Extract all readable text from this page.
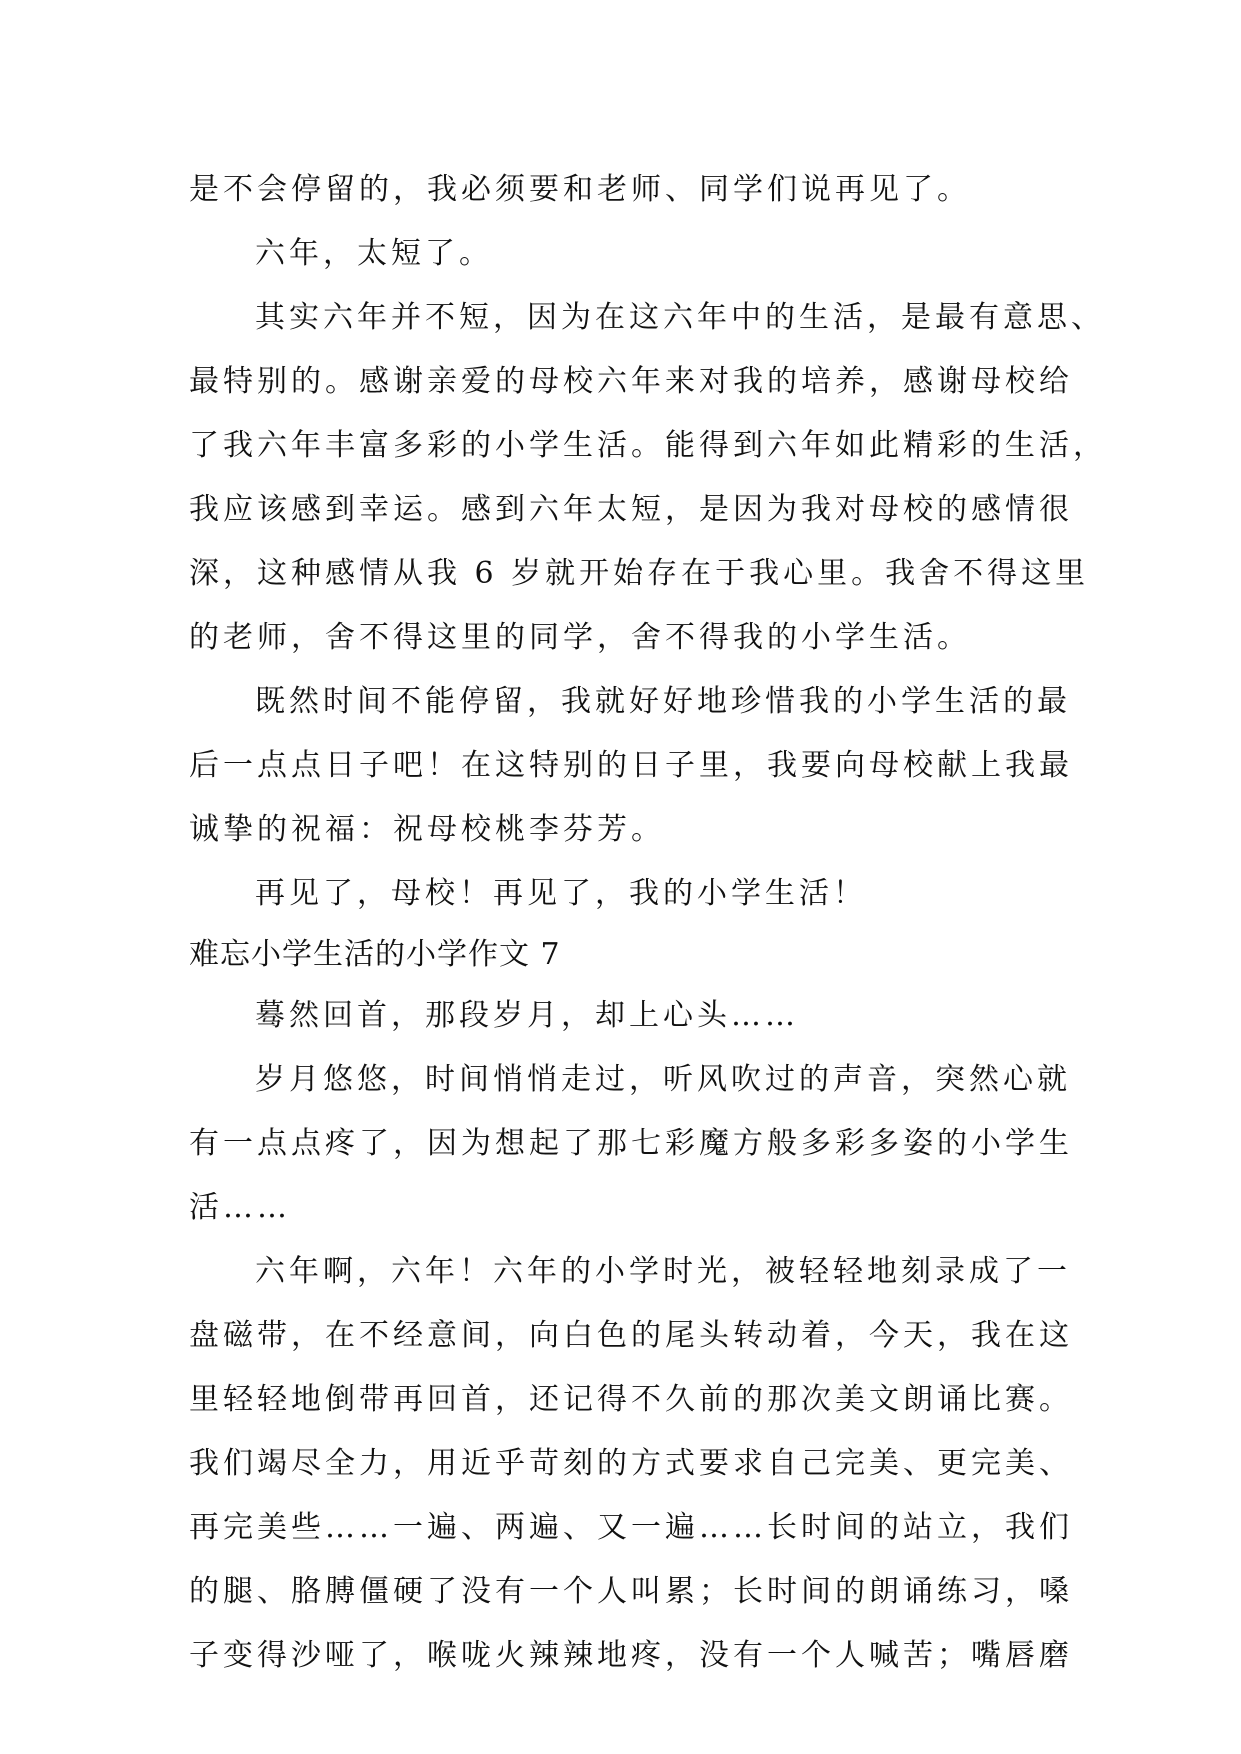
是不会停留的，我必须要和老师、同学们说再见了。
六年，太短了。
其实六年并不短，因为在这六年中的生活，是最有意思、
最特别的。感谢亲爱的母校六年来对我的培养，感谢母校给
了我六年丰富多彩的小学生活。能得到六年如此精彩的生活，
我应该感到幸运。感到六年太短，是因为我对母校的感情很
深，这种感情从我 6 岁就开始存在于我心里。我舍不得这里
的老师，舍不得这里的同学，舍不得我的小学生活。
既然时间不能停留，我就好好地珍惜我的小学生活的最
后一点点日子吧！在这特别的日子里，我要向母校献上我最
诚挚的祝福：祝母校桃李芬芳。
再见了，母校！再见了，我的小学生活！
难忘小学生活的小学作文 7
蓦然回首，那段岁月，却上心头……
岁月悠悠，时间悄悄走过，听风吹过的声音，突然心就
有一点点疼了，因为想起了那七彩魔方般多彩多姿的小学生
活……
六年啊，六年！六年的小学时光，被轻轻地刻录成了一
盘磁带，在不经意间，向白色的尾头转动着，今天，我在这
里轻轻地倒带再回首，还记得不久前的那次美文朗诵比赛。
我们竭尽全力，用近乎苛刻的方式要求自己完美、更完美、
再完美些……一遍、两遍、又一遍……长时间的站立，我们
的腿、胳膊僵硬了没有一个人叫累；长时间的朗诵练习，嗓
子变得沙哑了，喉咙火辣辣地疼，没有一个人喊苦；嘴唇磨
